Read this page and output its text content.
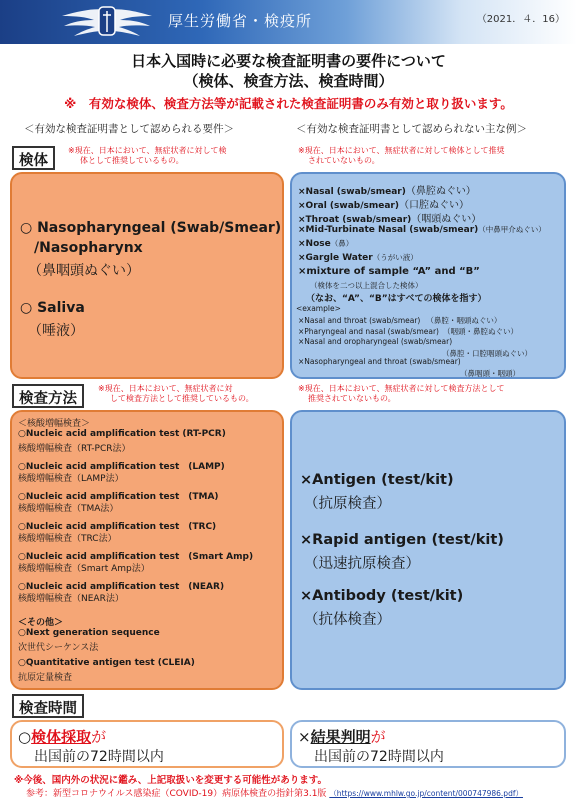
厚生労働省・検疫所	（2021．４．16）
日本入国時に必要な検査証明書の要件について
（検体、検査方法、検査時間）
※　有効な検体、検査方法等が記載された検査証明書のみ有効と取り扱います。
＜有効な検査証明書として認められる要件＞	＜有効な検査証明書として認められない主な例＞
検体
※現在、日本において、無症状者に対して検
体として推奨しているもの。
※現在、日本において、無症状者に対して検体として推奨
されていないもの。
○ Nasopharyngeal (Swab/Smear)
/Nasopharynx
（鼻咽頭ぬぐい）
○ Saliva
（唾液）
×Nasal (swab/smear)（鼻腔ぬぐい）
×Oral (swab/smear)（口腔ぬぐい）
×Throat (swab/smear)（咽頭ぬぐい）
×Mid-Turbinate Nasal (swab/smear)（中鼻甲介ぬぐい）
×Nose（鼻）
×Gargle Water（うがい液）
×mixture of sample “A” and “B”
（検体を二つ以上混合した検体）
（なお、“A”、“B”はすべての検体を指す）
<example>
×Nasal and throat (swab/smear) （鼻腔・咽頭ぬぐい）
×Pharyngeal and nasal (swab/smear) （咽頭・鼻腔ぬぐい）
×Nasal and oropharyngeal (swab/smear)
（鼻腔・口腔咽頭ぬぐい）
×Nasopharyngeal and throat (swab/smear)
（鼻咽頭・咽頭）
検査方法
※現在、日本において、無症状者に対
して検査方法として推奨しているもの。
※現在、日本において、無症状者に対して検査方法として
推奨されていないもの。
＜核酸増幅検査＞
○Nucleic acid amplification test (RT-PCR)
核酸増幅検査（RT-PCR法）
○Nucleic acid amplification test　(LAMP)
核酸増幅検査（LAMP法）
○Nucleic acid amplification test　(TMA)
核酸増幅検査（TMA法）
○Nucleic acid amplification test　(TRC)
核酸増幅検査（TRC法）
○Nucleic acid amplification test　(Smart Amp)
核酸増幅検査（Smart Amp法）
○Nucleic acid amplification test　(NEAR)
核酸増幅検査（NEAR法）
＜その他＞
○Next generation sequence
次世代シーケンス法
○Quantitative antigen test (CLEIA)
抗原定量検査
×Antigen (test/kit)
（抗原検査）
×Rapid antigen (test/kit)
（迅速抗原検査）
×Antibody (test/kit)
（抗体検査）
検査時間
○検体採取が
出国前の72時間以内
×結果判明が
出国前の72時間以内
※今後、国内外の状況に鑑み、上記取扱いを変更する可能性があります。
参考：新型コロナウイルス感染症（COVID-19）病原体検査の指針第3.1版 （https://www.mhlw.go.jp/content/000747986.pdf）
